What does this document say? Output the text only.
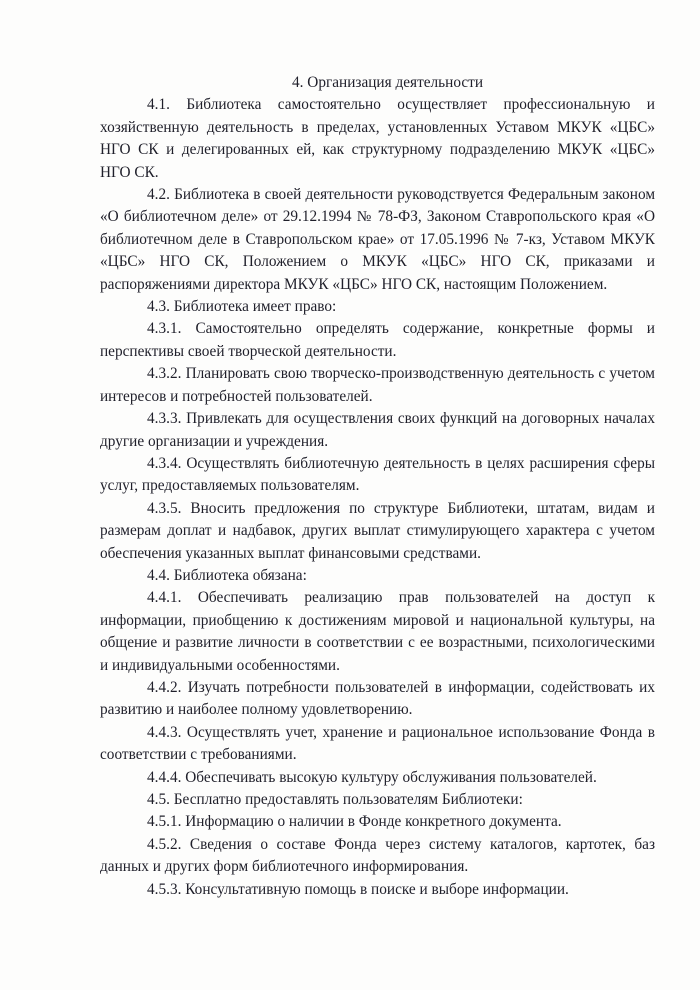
4. Организация деятельности

4.1. Библиотека самостоятельно осуществляет профессиональную и хозяйственную деятельность в пределах, установленных Уставом МКУК «ЦБС» НГО СК и делегированных ей, как структурному подразделению МКУК «ЦБС» НГО СК.

4.2. Библиотека в своей деятельности руководствуется Федеральным законом «О библиотечном деле» от 29.12.1994 № 78-ФЗ, Законом Ставропольского края «О библиотечном деле в Ставропольском крае» от 17.05.1996 № 7-кз, Уставом МКУК «ЦБС» НГО СК, Положением о МКУК «ЦБС» НГО СК, приказами и распоряжениями директора МКУК «ЦБС» НГО СК, настоящим Положением.

4.3. Библиотека имеет право:

4.3.1. Самостоятельно определять содержание, конкретные формы и перспективы своей творческой деятельности.

4.3.2. Планировать свою творческо-производственную деятельность с учетом интересов и потребностей пользователей.

4.3.3. Привлекать для осуществления своих функций на договорных началах другие организации и учреждения.

4.3.4. Осуществлять библиотечную деятельность в целях расширения сферы услуг, предоставляемых пользователям.

4.3.5. Вносить предложения по структуре Библиотеки, штатам, видам и размерам доплат и надбавок, других выплат стимулирующего характера с учетом обеспечения указанных выплат финансовыми средствами.

4.4. Библиотека обязана:

4.4.1. Обеспечивать реализацию прав пользователей на доступ к информации, приобщению к достижениям мировой и национальной культуры, на общение и развитие личности в соответствии с ее возрастными, психологическими и индивидуальными особенностями.

4.4.2. Изучать потребности пользователей в информации, содействовать их развитию и наиболее полному удовлетворению.

4.4.3. Осуществлять учет, хранение и рациональное использование Фонда в соответствии с требованиями.

4.4.4. Обеспечивать высокую культуру обслуживания пользователей.

4.5. Бесплатно предоставлять пользователям Библиотеки:

4.5.1. Информацию о наличии в Фонде конкретного документа.

4.5.2. Сведения о составе Фонда через систему каталогов, картотек, баз данных и других форм библиотечного информирования.

4.5.3. Консультативную помощь в поиске и выборе информации.
